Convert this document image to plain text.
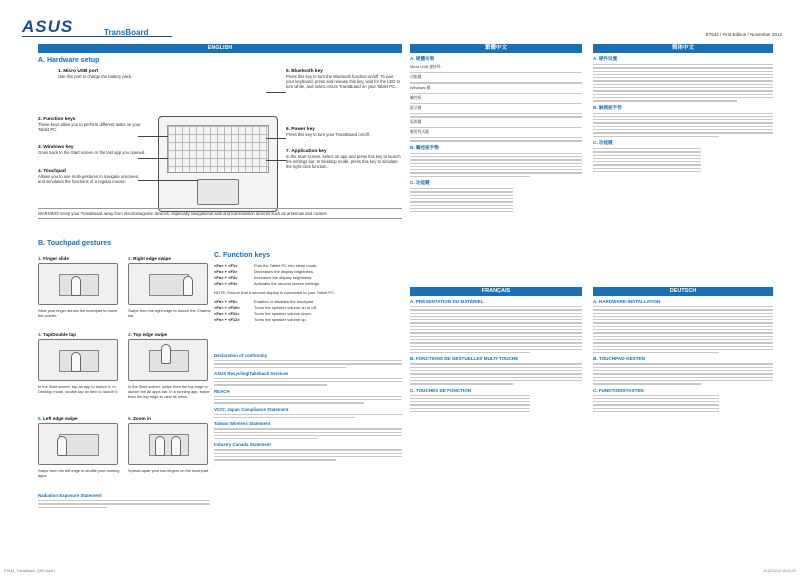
ASUS	TransBoard	E7644 / First Edition / November 2012
ENGLISH
A. Hardware setup
1. Micro USB port
Use this port to charge the battery pack.
2. Function keys
These keys allow you to perform different tasks on your Tablet PC.
3. Windows key
Goes back to the Start screen or the last app you opened.
4. Touchpad
Allows you to use multi-gestures to navigate onscreen, and simulates the functions of a regular mouse.
5. Bluetooth key
Press this key to turn the Bluetooth function on/off. To pair your keyboard, press and release this key, wait for the LED to turn white, and select ASUS TransBoard on your Tablet PC.
6. Power key
Press this key to turn your TransBoard on/off.
7. Application key
In the Start screen, select an app and press this key to launch the settings bar. In Desktop mode, press this key to simulate the right-click function.
WARNING! Keep your TransBoard away from electromagnetic devices, especially navigational aids and transmission devices such as antennas and routers.
B. Touchpad gestures
1. Finger slide
Slide your finger across the touchpad to move the pointer.
2. Right edge swipe
Swipe from the right edge to launch the Charms bar.
3. Tap/Double tap
In the Start screen, tap an app to launch it. In Desktop mode, double-tap an item to launch it.
4. Top edge swipe
In the Start screen, swipe from the top edge to launch the All apps bar. In a running app, swipe from the top edge to view its menu.
5. Left edge swipe
Swipe from the left edge to shuffle your running apps.
6. Zoom in
Spread apart your two fingers on the touchpad.
C. Function keys
<Fn> + <F1>	Puts the Tablet PC into sleep mode.
<Fn> + <F2>	Decreases the display brightness.
<Fn> + <F3>	Increases the display brightness.
<Fn> + <F4>	Activates the second screen settings.
NOTE: Ensure that a second display is connected to your Tablet PC.
<Fn> + <F6>	Enables or disables the touchpad.
<Fn> + <F10>	Turns the speaker volume on or off.
<Fn> + <F11>	Turns the speaker volume down.
<Fn> + <F12>	Turns the speaker volume up.
Declaration of conformity
ASUS Recycling/Takeback Services
REACH
VCCI: Japan Compliance Statement
Taiwan Wireless Statement
Industry Canada Statement
Radiation Exposure Statement
繁體中文
A. 硬體安裝
Micro USB 連接埠
功能鍵
Windows 鍵
觸控板
藍牙鍵
電源鍵
應用程式鍵
B. 觸控板手勢
C. 功能鍵
简体中文
A. 硬件设置
B. 触摸板手势
C. 功能键
FRANÇAIS
A. PRÉSENTATION DU MATÉRIEL
B. FONCTIONS DE GESTUELLES MULTI-TOUCHE
C. TOUCHES DE FONCTION
DEUTSCH
A. HARDWARE-INSTALLATION
B. TOUCHPAD-GESTEN
C. FUNKTIONSTASTEN
E7644_TransBoard_QSG.indd 1	2012/11/12 10:21:02
